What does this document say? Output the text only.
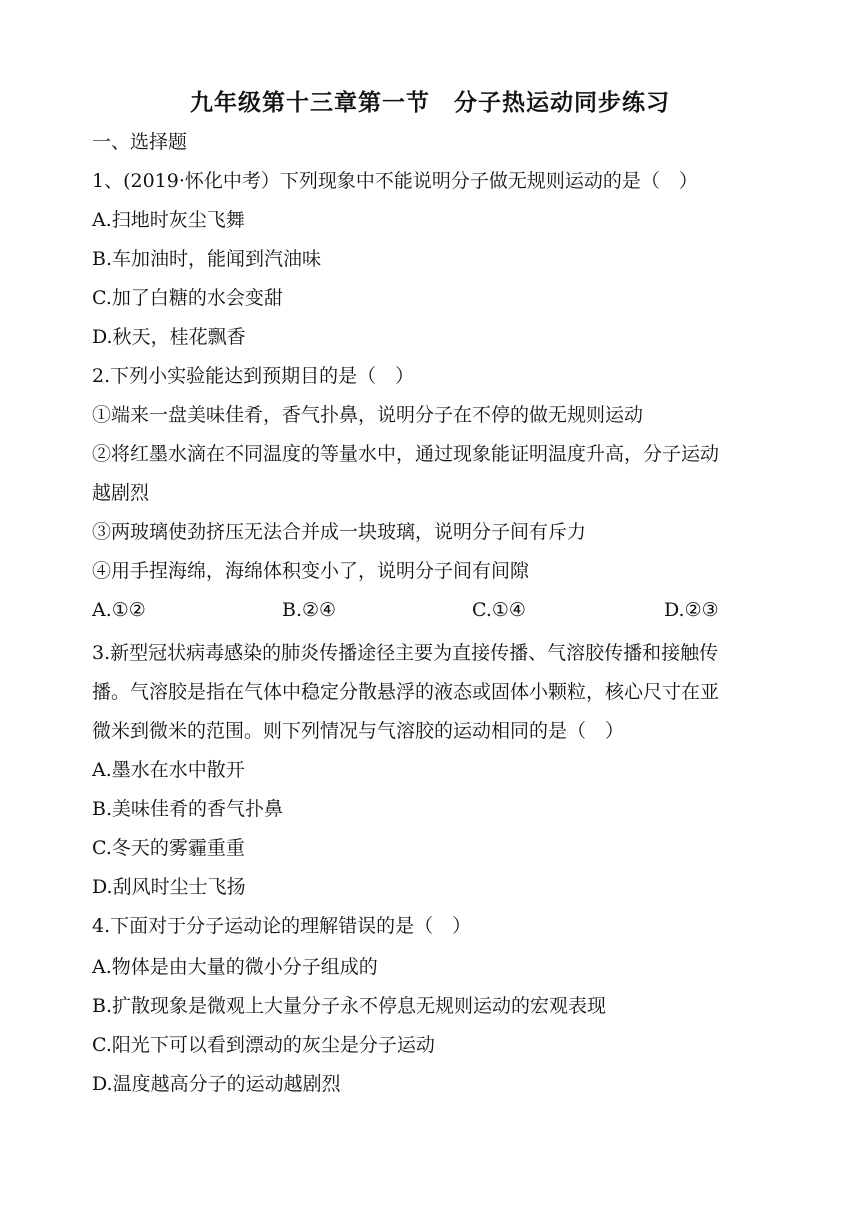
九年级第十三章第一节　分子热运动同步练习
一、选择题
1、(2019·怀化中考）下列现象中不能说明分子做无规则运动的是（　）
A.扫地时灰尘飞舞
B.车加油时，能闻到汽油味
C.加了白糖的水会变甜
D.秋天，桂花飘香
2.下列小实验能达到预期目的是（　）
①端来一盘美味佳肴，香气扑鼻，说明分子在不停的做无规则运动
②将红墨水滴在不同温度的等量水中，通过现象能证明温度升高，分子运动
越剧烈
③两玻璃使劲挤压无法合并成一块玻璃，说明分子间有斥力
④用手捏海绵，海绵体积变小了，说明分子间有间隙
A.①②	B.②④	C.①④	D.②③
3.新型冠状病毒感染的肺炎传播途径主要为直接传播、气溶胶传播和接触传
播。气溶胶是指在气体中稳定分散悬浮的液态或固体小颗粒，核心尺寸在亚
微米到微米的范围。则下列情况与气溶胶的运动相同的是（　）
A.墨水在水中散开
B.美味佳肴的香气扑鼻
C.冬天的雾霾重重
D.刮风时尘士飞扬
4.下面对于分子运动论的理解错误的是（　）
A.物体是由大量的微小分子组成的
B.扩散现象是微观上大量分子永不停息无规则运动的宏观表现
C.阳光下可以看到漂动的灰尘是分子运动
D.温度越高分子的运动越剧烈
